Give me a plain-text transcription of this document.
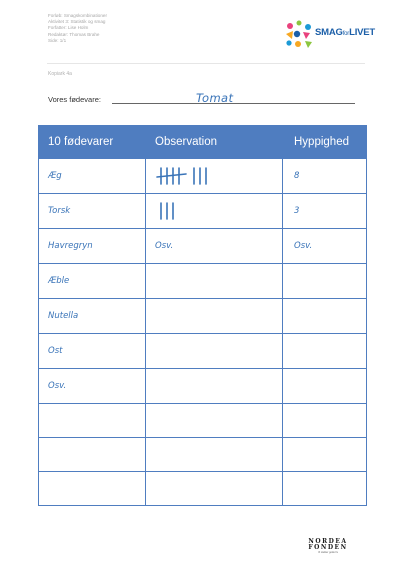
Forløb: Smagskombinationer
Aktivitet 3: Statistik og smag
Forfatter: Lise Holm
Redaktør: Thomas Brahe
Side: 1/1
SMAGforLIVET
Kopiark 4a
Vores fødevare:	Tomat
10 fødevarer	Observation	Hyppighed
Æg		8
Torsk		3
Havregryn	Osv.	Osv.
Æble		
Nutella		
Ost		
Osv.		

NORDEA
FONDEN
Vi støtter gode liv
